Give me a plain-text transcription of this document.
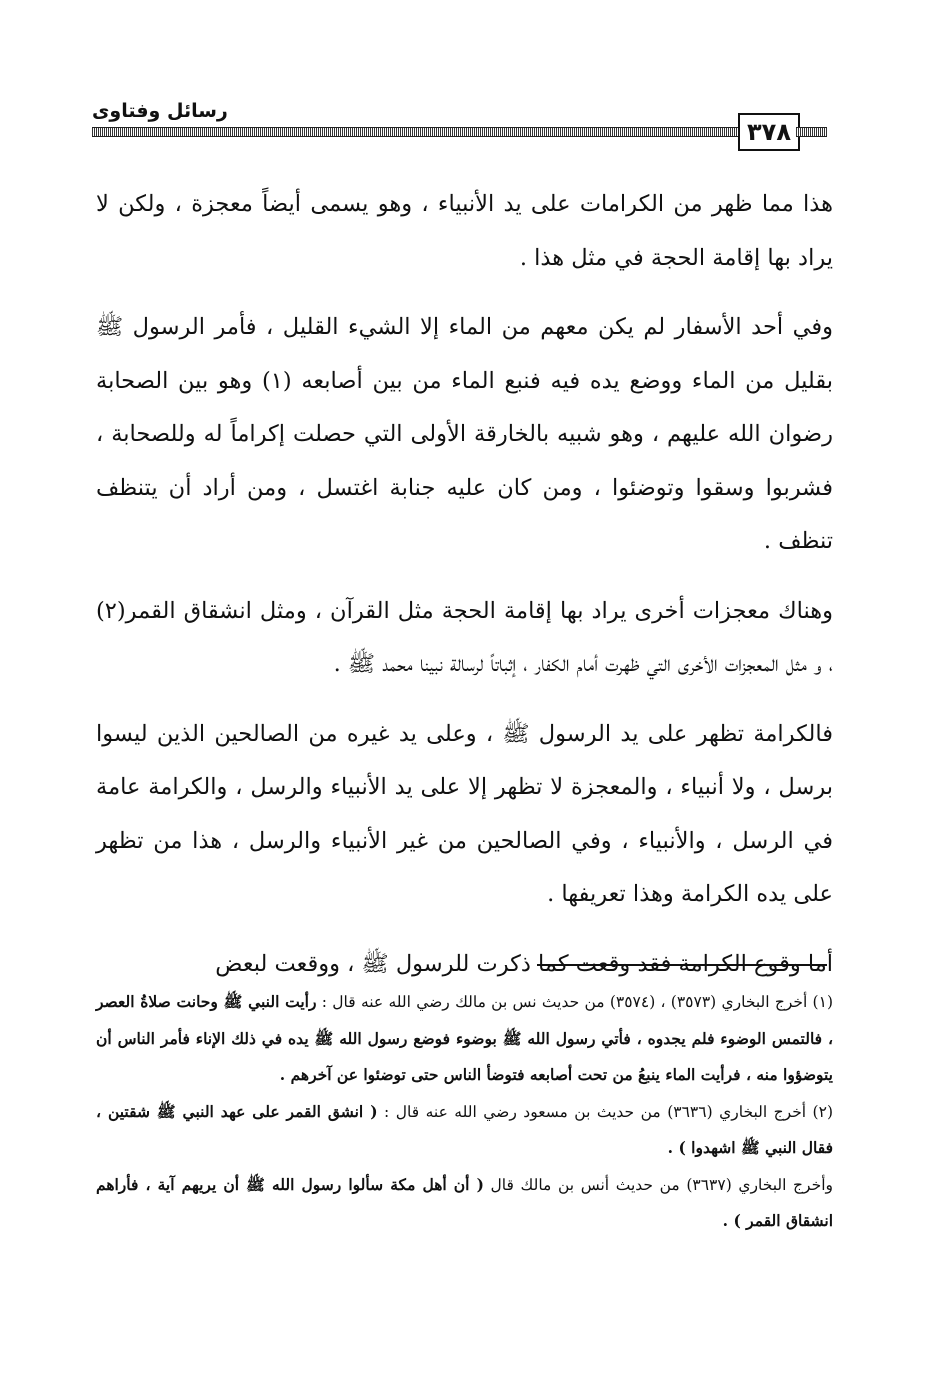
رسائل وفتاوى
٣٧٨

هذا مما ظهر من الكرامات على يد الأنبياء ، وهو يسمى أيضاً معجزة ، ولكن لا يراد بها إقامة الحجة في مثل هذا .

وفي أحد الأسفار لم يكن معهم من الماء إلا الشيء القليل ، فأمر الرسول ﷺ بقليل من الماء ووضع يده فيه فنبع الماء من بين أصابعه (١) وهو بين الصحابة رضوان الله عليهم ، وهو شبيه بالخارقة الأولى التي حصلت إكراماً له وللصحابة ، فشربوا وسقوا وتوضئوا ، ومن كان عليه جنابة اغتسل ، ومن أراد أن يتنظف تنظف .

وهناك معجزات أخرى يراد بها إقامة الحجة مثل القرآن ، ومثل انشقاق القمر(٢) ، و مثل المعجزات الأخرى التي ظهرت أمام الكفار ، إثباتاً لرسالة نبينا محمد ﷺ .

فالكرامة تظهر على يد الرسول ﷺ ، وعلى يد غيره من الصالحين الذين ليسوا برسل ، ولا أنبياء ، والمعجزة لا تظهر إلا على يد الأنبياء والرسل ، والكرامة عامة في الرسل ، والأنبياء ، وفي الصالحين من غير الأنبياء والرسل ، هذا من تظهر على يده الكرامة وهذا تعريفها .

أما وقوع الكرامة فقد وقعت كما ذكرت للرسول ﷺ ، ووقعت لبعض

(١) أخرج البخاري (٣٥٧٣) ، (٣٥٧٤) من حديث نس بن مالك رضي الله عنه قال : رأيت النبي ﷺ وحانت صلاةُ العصر ، فالتمس الوضوء فلم يجدوه ، فأتي رسول الله ﷺ بوضوء فوضع رسول الله ﷺ يده في ذلك الإناء فأمر الناس أن يتوضؤوا منه ، فرأيت الماء ينبعُ من تحت أصابعه فتوضأ الناس حتى توضئوا عن آخرهم .

(٢) أخرج البخاري (٣٦٣٦) من حديث بن مسعود رضي الله عنه قال : ( انشق القمر على عهد النبي ﷺ شقتين ، فقال النبي ﷺ اشهدوا ) .

وأخرج البخاري (٣٦٣٧) من حديث أنس بن مالك قال ( أن أهل مكة سألوا رسول الله ﷺ أن يريهم آية ، فأراهم انشقاق القمر ) .
